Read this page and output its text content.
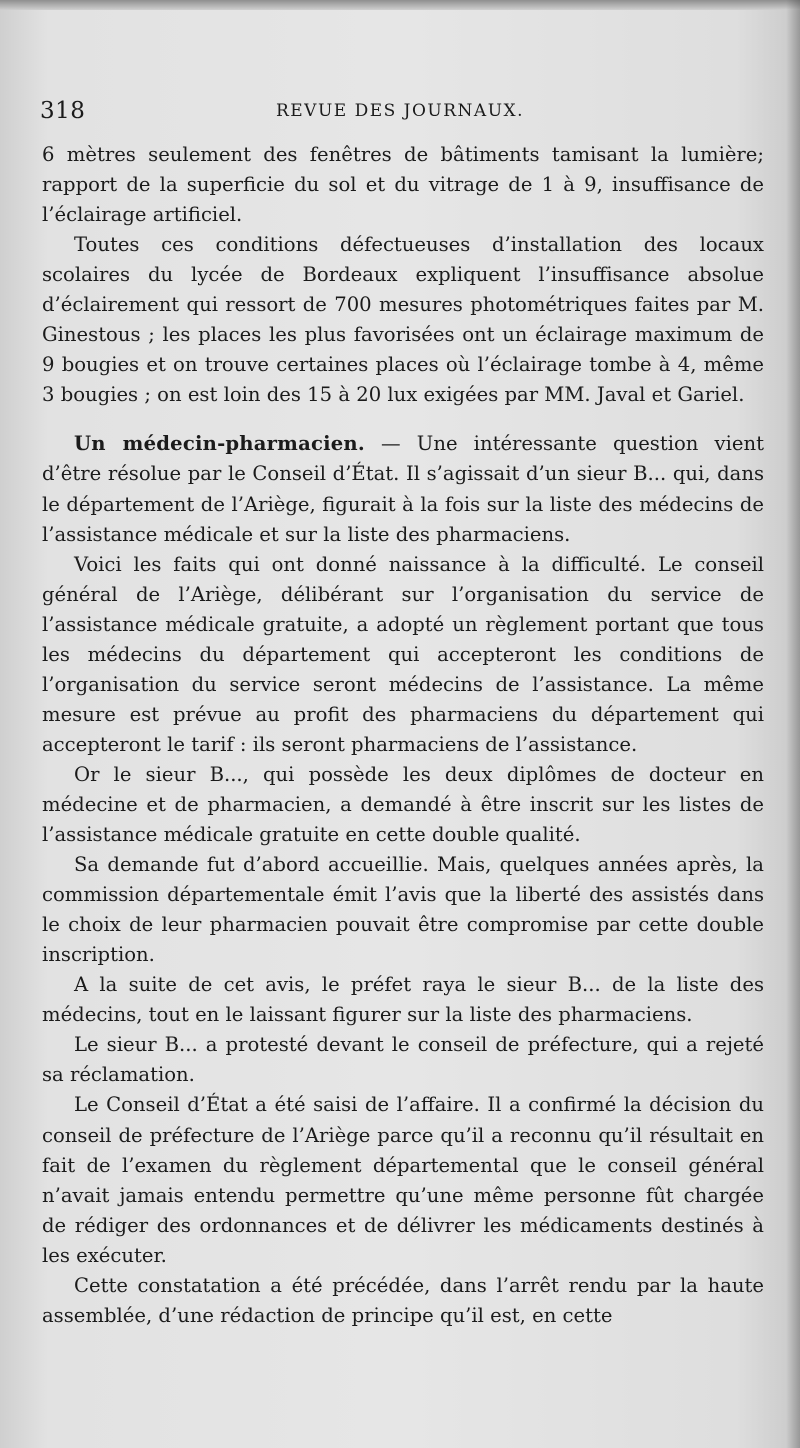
318	REVUE DES JOURNAUX.

6 mètres seulement des fenêtres de bâtiments tamisant la lumière; rapport de la superficie du sol et du vitrage de 1 à 9, insuffisance de l’éclairage artificiel.

Toutes ces conditions défectueuses d’installation des locaux scolaires du lycée de Bordeaux expliquent l’insuffisance absolue d’éclairement qui ressort de 700 mesures photométriques faites par M. Ginestous ; les places les plus favorisées ont un éclairage maximum de 9 bougies et on trouve certaines places où l’éclairage tombe à 4, même 3 bougies ; on est loin des 15 à 20 lux exigées par MM. Javal et Gariel.

Un médecin-pharmacien. — Une intéressante question vient d’être résolue par le Conseil d’État. Il s’agissait d’un sieur B... qui, dans le département de l’Ariège, figurait à la fois sur la liste des médecins de l’assistance médicale et sur la liste des pharmaciens.

Voici les faits qui ont donné naissance à la difficulté. Le conseil général de l’Ariège, délibérant sur l’organisation du service de l’assistance médicale gratuite, a adopté un règlement portant que tous les médecins du département qui accepteront les conditions de l’organisation du service seront médecins de l’assistance. La même mesure est prévue au profit des pharmaciens du département qui accepteront le tarif : ils seront pharmaciens de l’assistance.

Or le sieur B..., qui possède les deux diplômes de docteur en médecine et de pharmacien, a demandé à être inscrit sur les listes de l’assistance médicale gratuite en cette double qualité.

Sa demande fut d’abord accueillie. Mais, quelques années après, la commission départementale émit l’avis que la liberté des assistés dans le choix de leur pharmacien pouvait être compromise par cette double inscription.

A la suite de cet avis, le préfet raya le sieur B... de la liste des médecins, tout en le laissant figurer sur la liste des pharmaciens.

Le sieur B... a protesté devant le conseil de préfecture, qui a rejeté sa réclamation.

Le Conseil d’État a été saisi de l’affaire. Il a confirmé la décision du conseil de préfecture de l’Ariège parce qu’il a reconnu qu’il résultait en fait de l’examen du règlement départemental que le conseil général n’avait jamais entendu permettre qu’une même personne fût chargée de rédiger des ordonnances et de délivrer les médicaments destinés à les exécuter.

Cette constatation a été précédée, dans l’arrêt rendu par la haute assemblée, d’une rédaction de principe qu’il est, en cette
